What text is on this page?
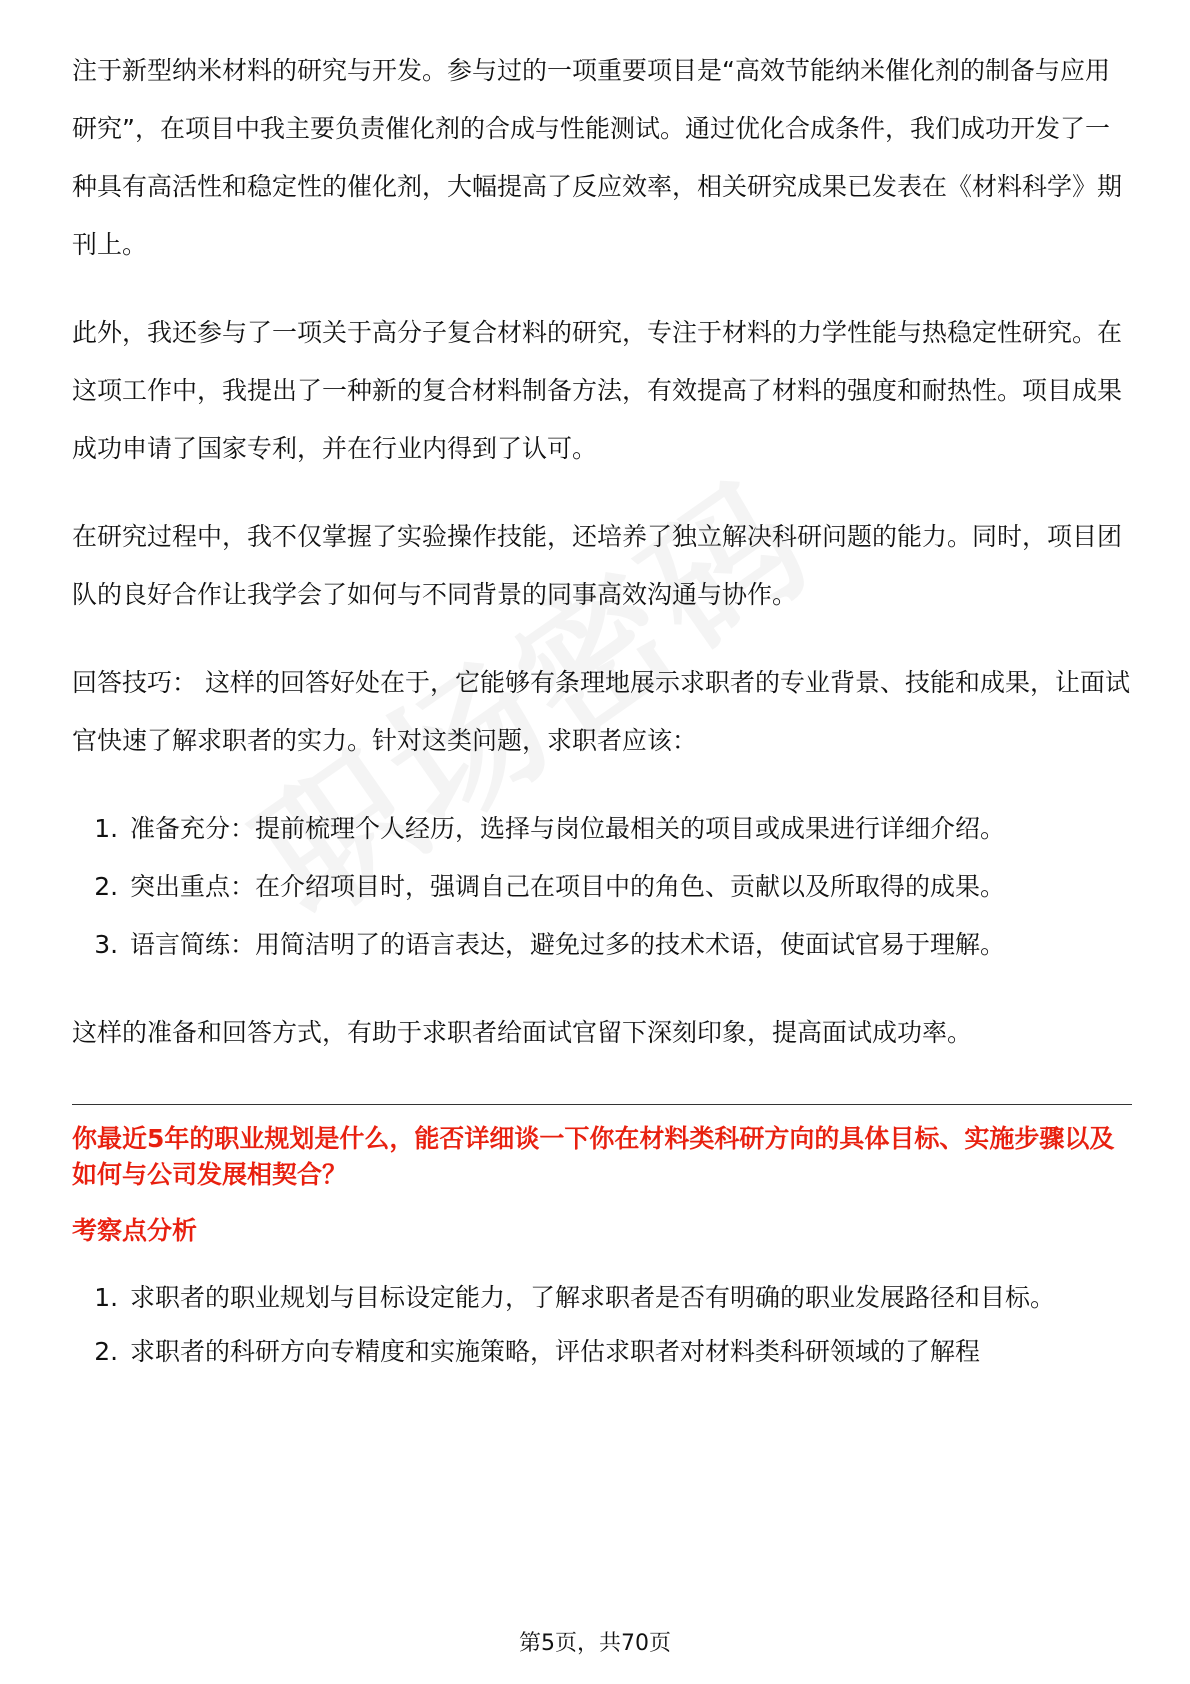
注于新型纳米材料的研究与开发。参与过的一项重要项目是“高效节能纳米催化剂的制备与应用研究”，在项目中我主要负责催化剂的合成与性能测试。通过优化合成条件，我们成功开发了一种具有高活性和稳定性的催化剂，大幅提高了反应效率，相关研究成果已发表在《材料科学》期刊上。

此外，我还参与了一项关于高分子复合材料的研究，专注于材料的力学性能与热稳定性研究。在这项工作中，我提出了一种新的复合材料制备方法，有效提高了材料的强度和耐热性。项目成果成功申请了国家专利，并在行业内得到了认可。

在研究过程中，我不仅掌握了实验操作技能，还培养了独立解决科研问题的能力。同时，项目团队的良好合作让我学会了如何与不同背景的同事高效沟通与协作。

回答技巧： 这样的回答好处在于，它能够有条理地展示求职者的专业背景、技能和成果，让面试官快速了解求职者的实力。针对这类问题，求职者应该：

1. 准备充分：提前梳理个人经历，选择与岗位最相关的项目或成果进行详细介绍。
2. 突出重点：在介绍项目时，强调自己在项目中的角色、贡献以及所取得的成果。
3. 语言简练：用简洁明了的语言表达，避免过多的技术术语，使面试官易于理解。

这样的准备和回答方式，有助于求职者给面试官留下深刻印象，提高面试成功率。

你最近5年的职业规划是什么，能否详细谈一下你在材料类科研方向的具体目标、实施步骤以及如何与公司发展相契合？
考察点分析
1. 求职者的职业规划与目标设定能力，了解求职者是否有明确的职业发展路径和目标。
2. 求职者的科研方向专精度和实施策略，评估求职者对材料类科研领域的了解程
第5页，共70页
